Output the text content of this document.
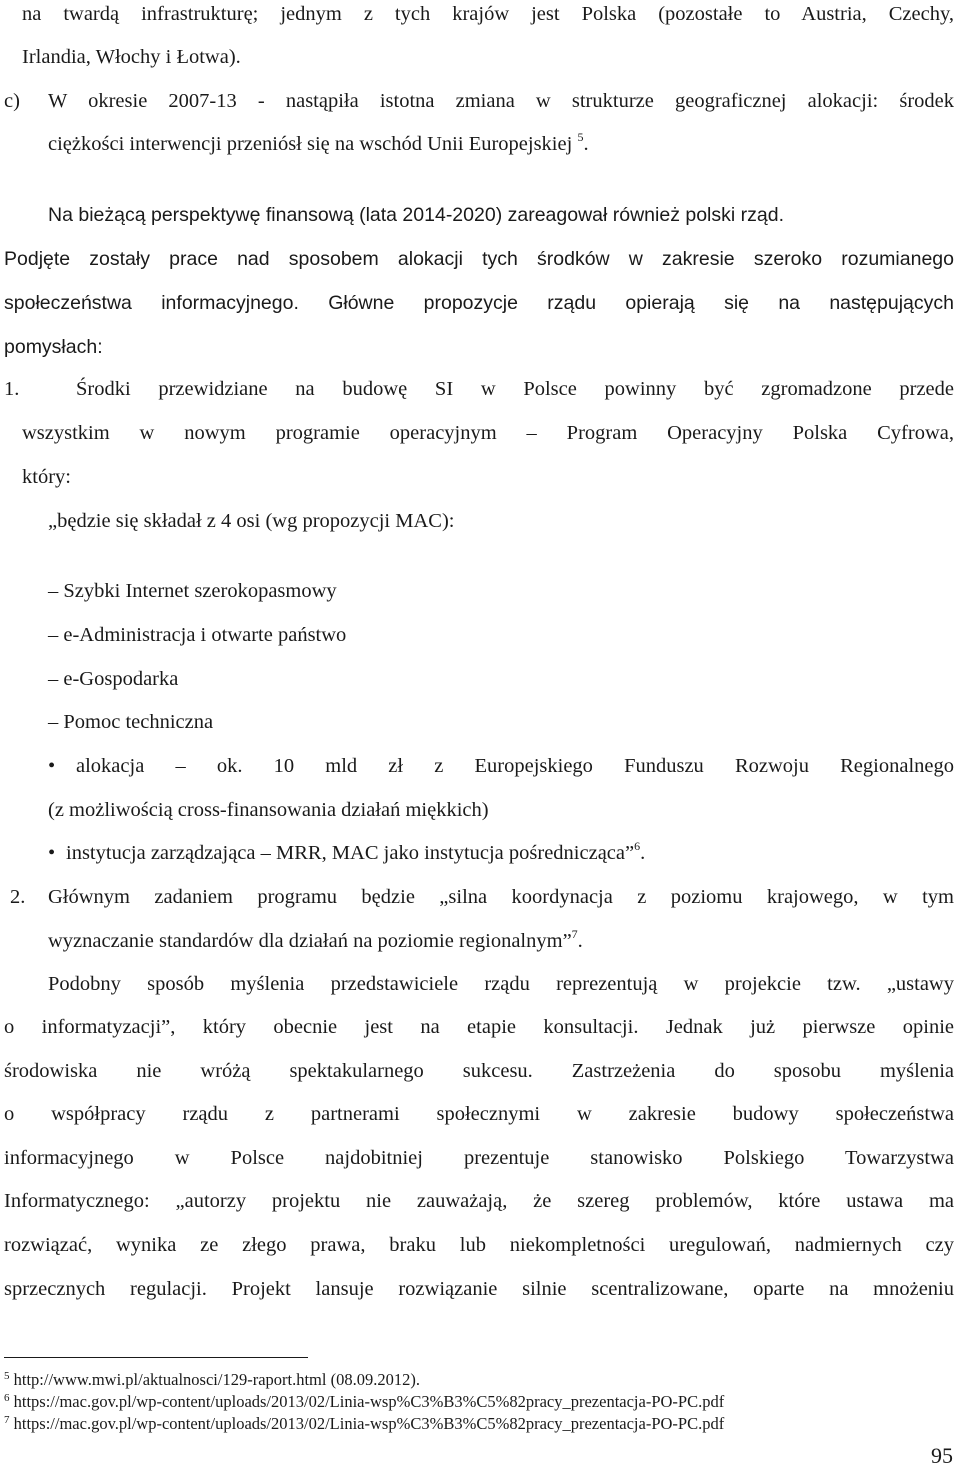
na twardą infrastrukturę; jednym z tych krajów jest Polska (pozostałe to Austria, Czechy,
Irlandia, Włochy i Łotwa).
c) W okresie 2007-13 - nastąpiła istotna zmiana w strukturze geograficznej alokacji: środek
ciężkości interwencji przeniósł się na wschód Unii Europejskiej $^5$.
Na bieżącą perspektywę finansową (lata 2014-2020) zareagował również polski rząd.
Podjęte zostały prace nad sposobem alokacji tych środków w zakresie szeroko rozumianego
społeczeństwa informacyjnego. Główne propozycje rządu opierają się na następujących
pomysłach:
1.	Środki przewidziane na budowę SI w Polsce powinny być zgromadzone przede
wszystkim w nowym programie operacyjnym – Program Operacyjny Polska Cyfrowa,
który:
„będzie się składał z 4 osi (wg propozycji MAC):
– Szybki Internet szerokopasmowy
– e-Administracja i otwarte państwo
– e-Gospodarka
– Pomoc techniczna
• alokacja – ok. 10 mld zł z Europejskiego Funduszu Rozwoju Regionalnego
(z możliwością cross-finansowania działań miękkich)
• instytucja zarządzająca – MRR, MAC jako instytucja pośrednicząca”$^6$.
2. Głównym zadaniem programu będzie „silna koordynacja z poziomu krajowego, w tym
wyznaczanie standardów dla działań na poziomie regionalnym”$^7$.
Podobny sposób myślenia przedstawiciele rządu reprezentują w projekcie tzw. „ustawy
o informatyzacji”, który obecnie jest na etapie konsultacji. Jednak już pierwsze opinie
środowiska nie wróżą spektakularnego sukcesu. Zastrzeżenia do sposobu myślenia
o współpracy rządu z partnerami społecznymi w zakresie budowy społeczeństwa
informacyjnego w Polsce najdobitniej prezentuje stanowisko Polskiego Towarzystwa
Informatycznego: „autorzy projektu nie zauważają, że szereg problemów, które ustawa ma
rozwiązać, wynika ze złego prawa, braku lub niekompletności uregulowań, nadmiernych czy
sprzecznych regulacji. Projekt lansuje rozwiązanie silnie scentralizowane, oparte na mnożeniu
$^5$ http://www.mwi.pl/aktualnosci/129-raport.html (08.09.2012).
$^6$ https://mac.gov.pl/wp-content/uploads/2013/02/Linia-wsp%C3%B3%C5%82pracy_prezentacja-PO-PC.pdf
$^7$ https://mac.gov.pl/wp-content/uploads/2013/02/Linia-wsp%C3%B3%C5%82pracy_prezentacja-PO-PC.pdf
95
